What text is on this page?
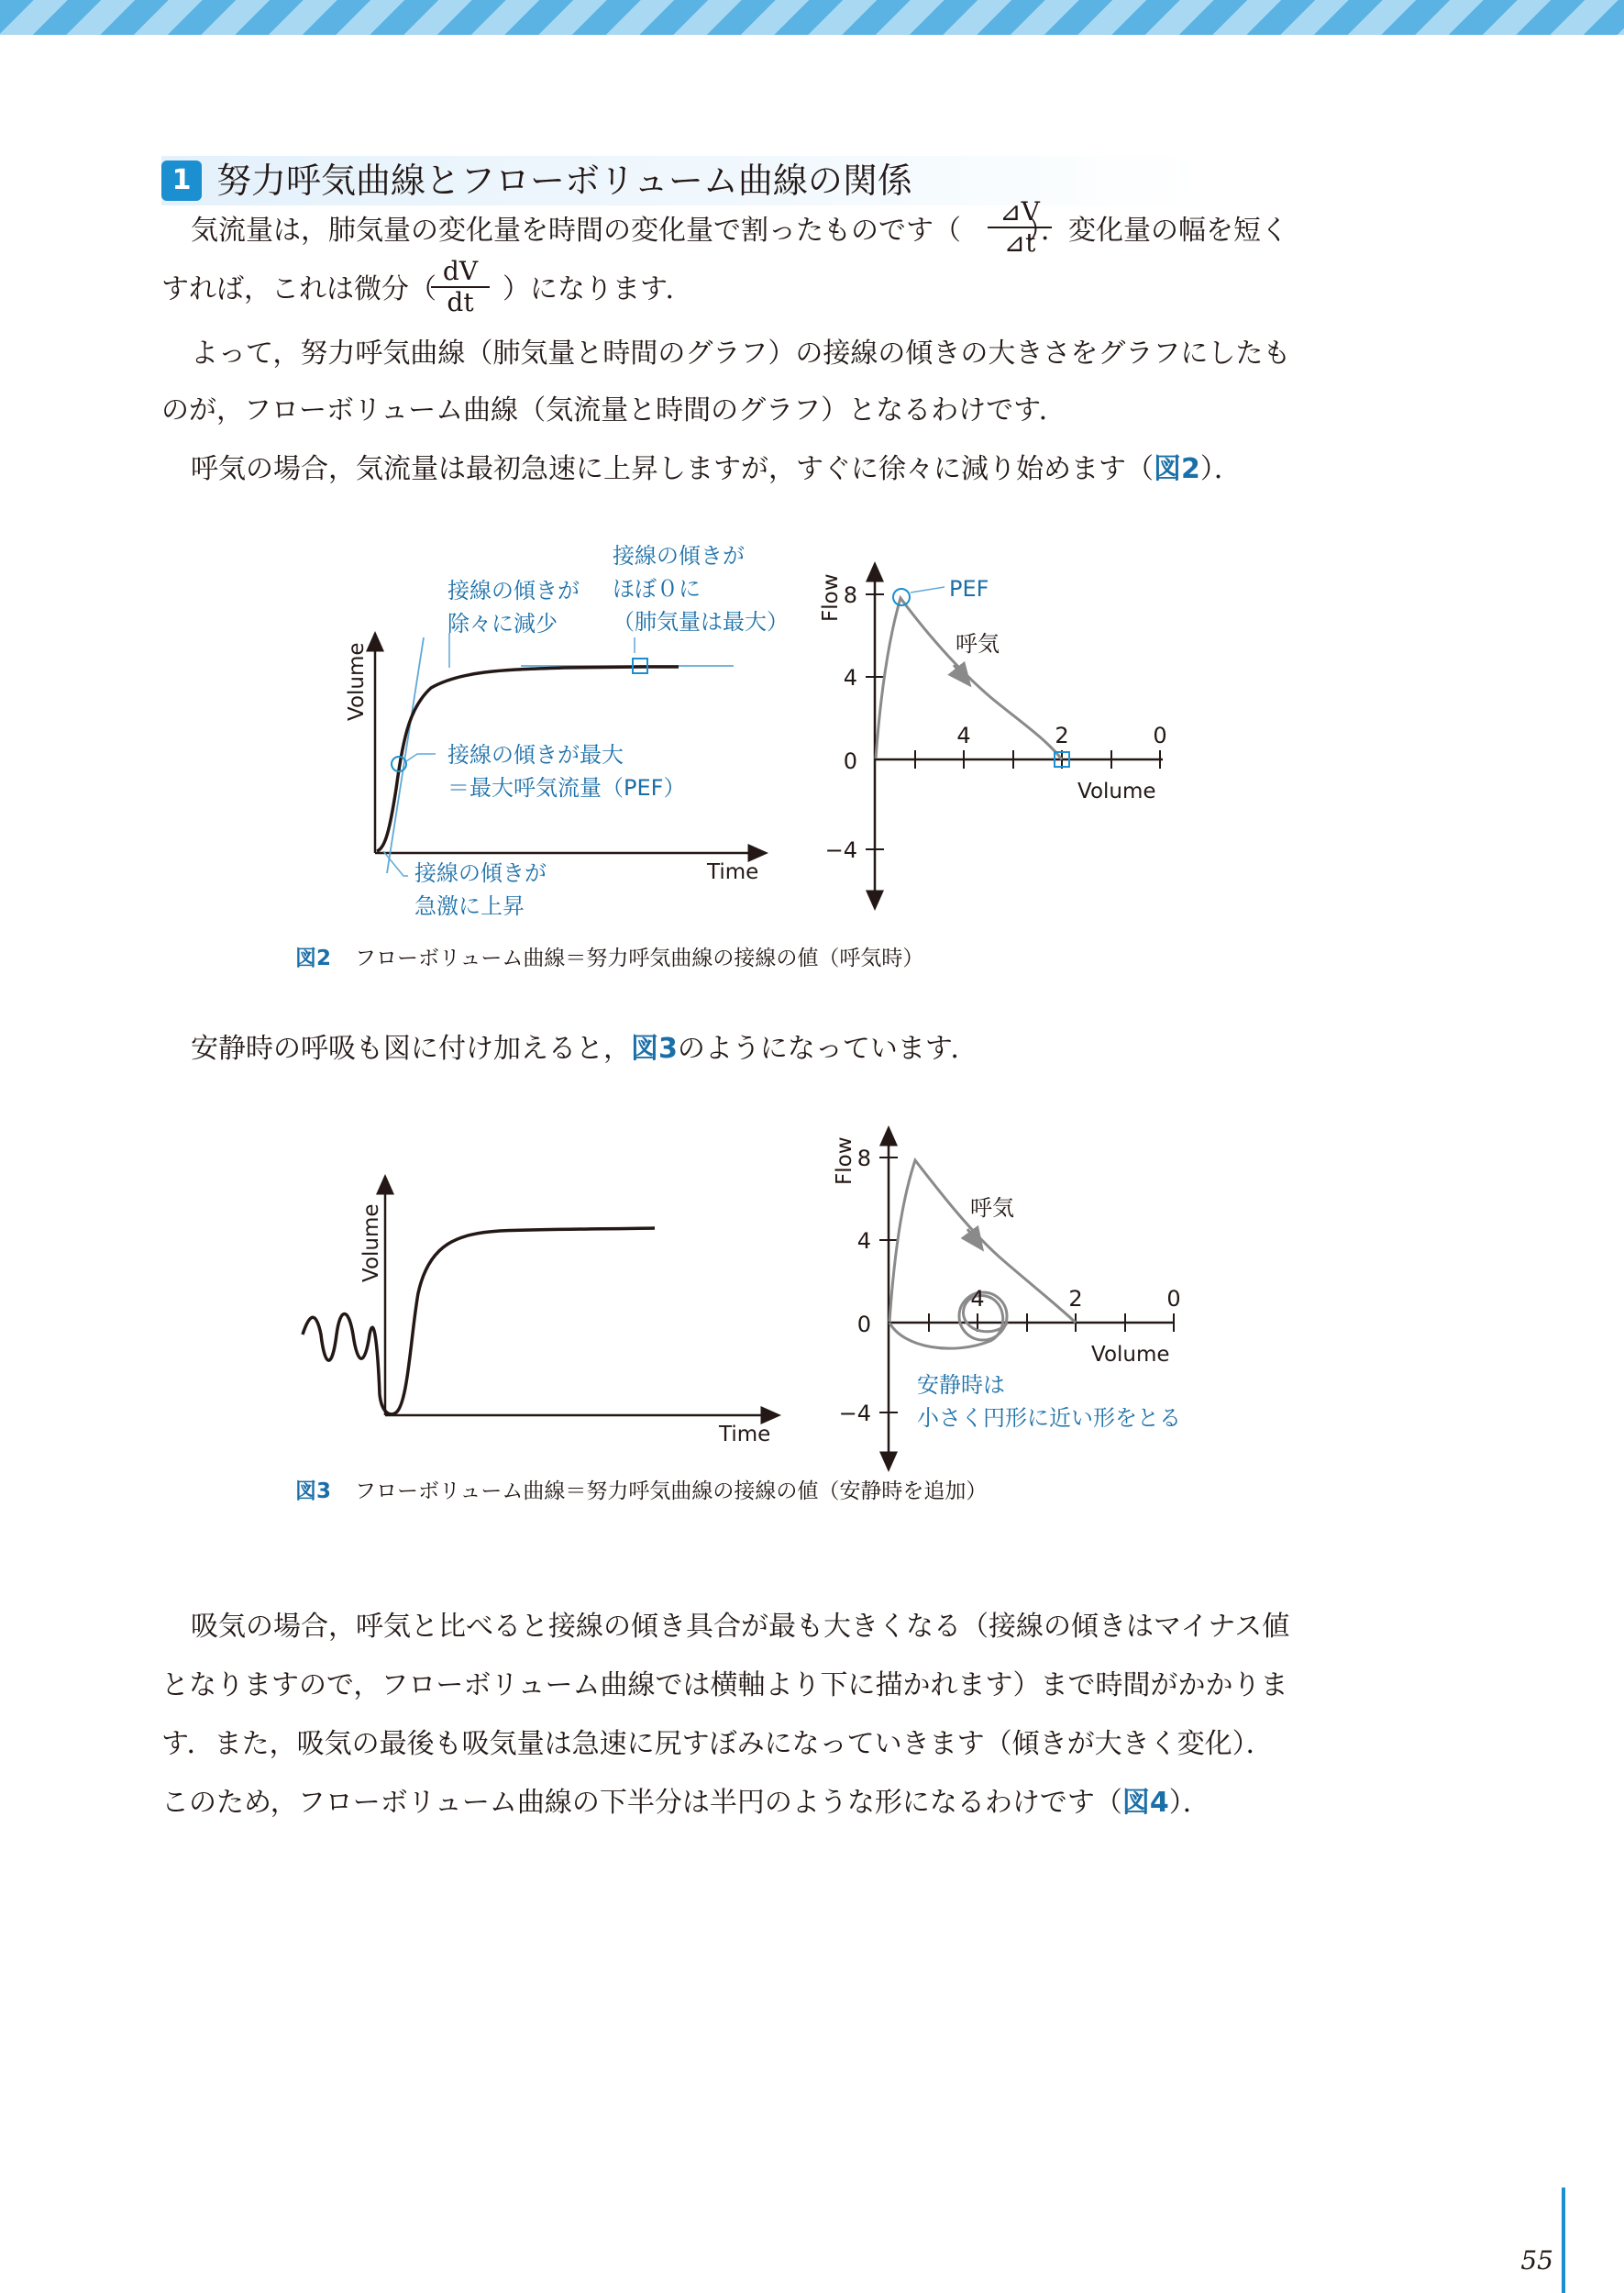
1 努力呼気曲線とフローボリューム曲線の関係
気流量は，肺気量の変化量を時間の変化量で割ったものです（ ）．変化量の幅を短く
$\frac{⊿V}{⊿t}$
すれば，これは微分（ ）になります．
$\frac{dV}{dt}$
よって，努力呼気曲線（肺気量と時間のグラフ）の接線の傾きの大きさをグラフにしたも
のが，フローボリューム曲線（気流量と時間のグラフ）となるわけです．
呼気の場合，気流量は最初急速に上昇しますが，すぐに徐々に減り始めます（図2）．
Volume
Time
接線の傾きが
除々に減少
接線の傾きが
ほぼ０に
（肺気量は最大）
接線の傾きが最大
＝最大呼気流量（PEF）
接線の傾きが
急激に上昇
Flow
Volume
8
4
0
−4
4	2	0
PEF
呼気
Volume
Time
Flow
Volume
8
4
0
−4
4	2	0
呼気
安静時は
小さく円形に近い形をとる
図2 フローボリューム曲線＝努力呼気曲線の接線の値（呼気時）
安静時の呼吸も図に付け加えると，図3のようになっています．
図3 フローボリューム曲線＝努力呼気曲線の接線の値（安静時を追加）
吸気の場合，呼気と比べると接線の傾き具合が最も大きくなる（接線の傾きはマイナス値
となりますので，フローボリューム曲線では横軸より下に描かれます）まで時間がかかりま
す．また，吸気の最後も吸気量は急速に尻すぼみになっていきます（傾きが大きく変化）．
このため，フローボリューム曲線の下半分は半円のような形になるわけです（図4）．
55
